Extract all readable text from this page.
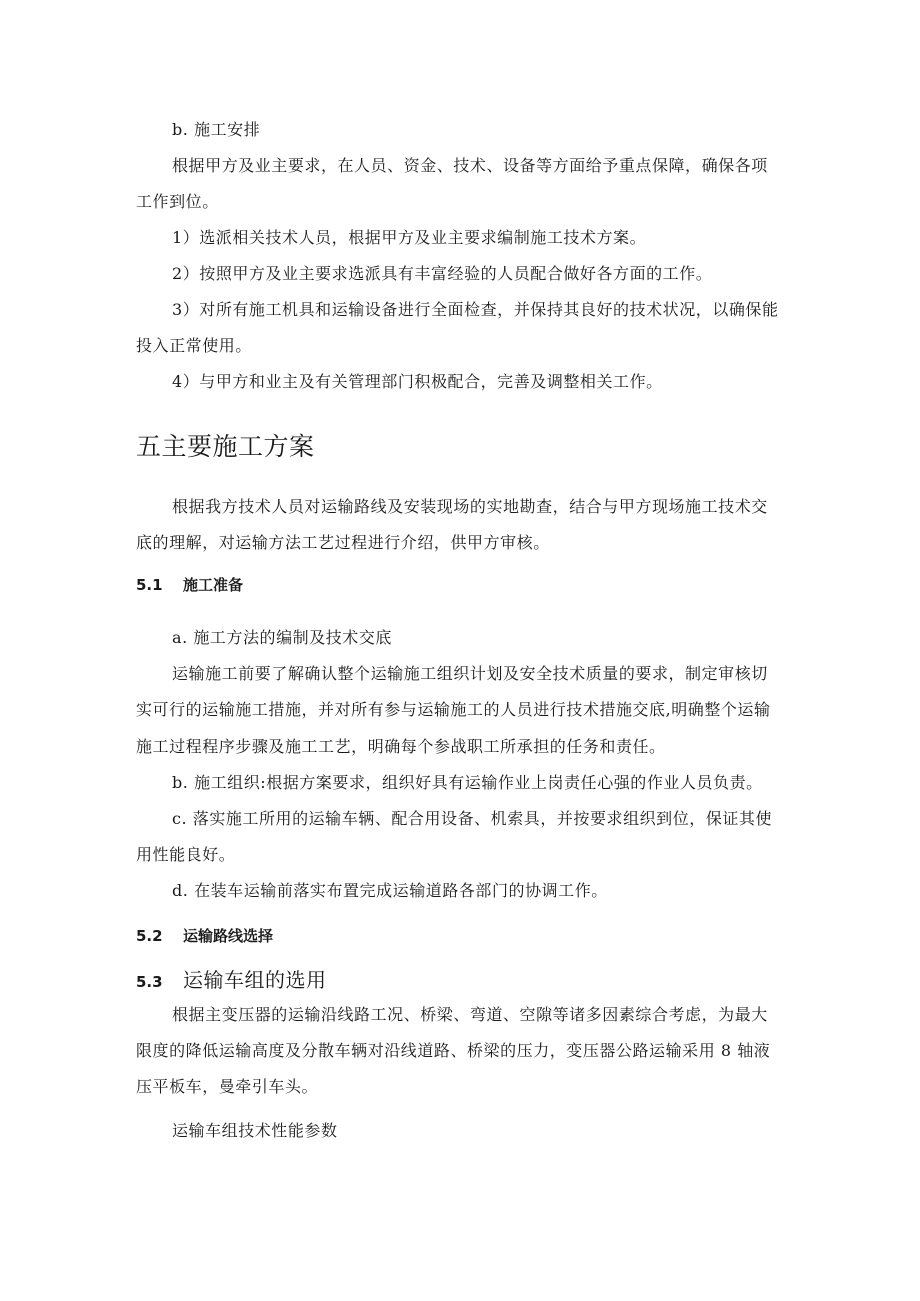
b. 施工安排
根据甲方及业主要求，在人员、资金、技术、设备等方面给予重点保障，确保各项
工作到位。
1）选派相关技术人员，根据甲方及业主要求编制施工技术方案。
2）按照甲方及业主要求选派具有丰富经验的人员配合做好各方面的工作。
3）对所有施工机具和运输设备进行全面检查，并保持其良好的技术状况，以确保能
投入正常使用。
4）与甲方和业主及有关管理部门积极配合，完善及调整相关工作。
五主要施工方案
根据我方技术人员对运输路线及安装现场的实地勘查，结合与甲方现场施工技术交
底的理解，对运输方法工艺过程进行介绍，供甲方审核。
5.1 施工准备
a. 施工方法的编制及技术交底
运输施工前要了解确认整个运输施工组织计划及安全技术质量的要求，制定审核切
实可行的运输施工措施，并对所有参与运输施工的人员进行技术措施交底,明确整个运输
施工过程程序步骤及施工工艺，明确每个参战职工所承担的任务和责任。
b. 施工组织:根据方案要求，组织好具有运输作业上岗责任心强的作业人员负责。
c. 落实施工所用的运输车辆、配合用设备、机索具，并按要求组织到位，保证其使
用性能良好。
d. 在装车运输前落实布置完成运输道路各部门的协调工作。
5.2 运输路线选择
5.3 运输车组的选用
根据主变压器的运输沿线路工况、桥梁、弯道、空隙等诸多因素综合考虑，为最大
限度的降低运输高度及分散车辆对沿线道路、桥梁的压力，变压器公路运输采用 8 轴液
压平板车，曼牵引车头。
运输车组技术性能参数
